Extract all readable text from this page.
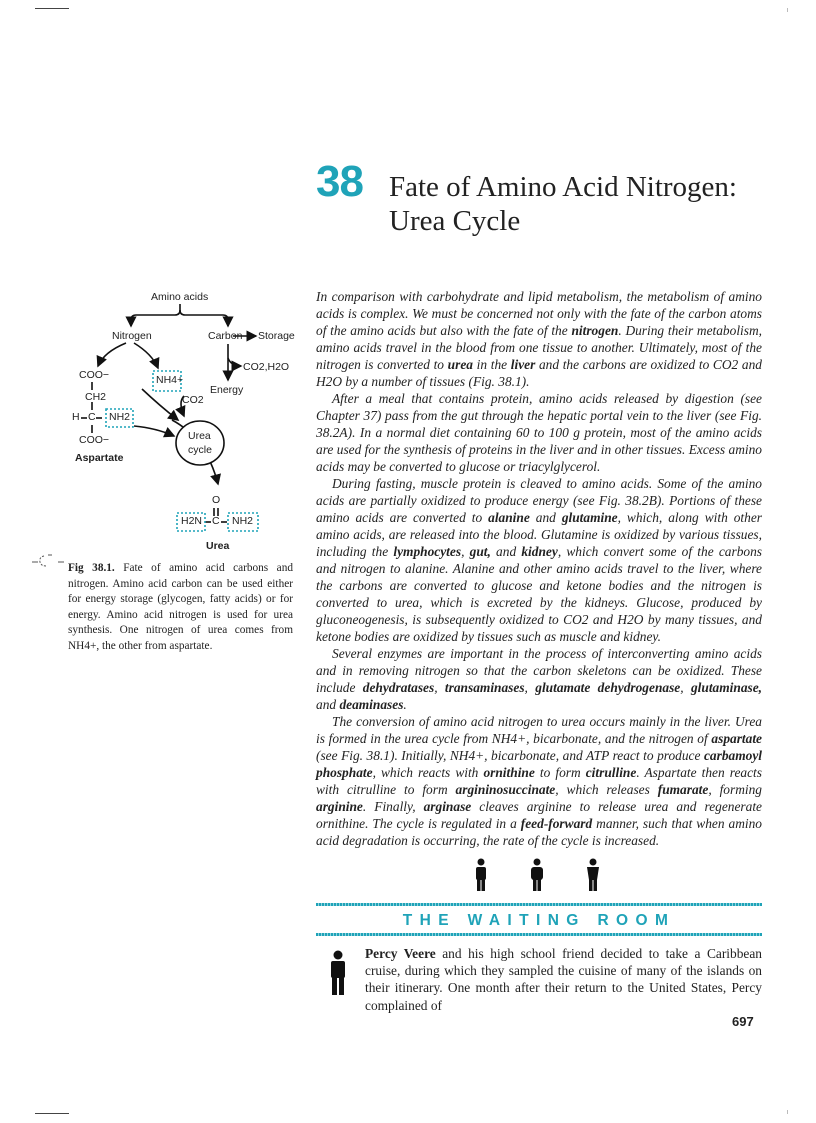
38 Fate of Amino Acid Nitrogen:
Urea Cycle
Amino acids
Nitrogen	Carbon Storage
CO2,H2O
Energy
NH4+
CO2
COO−
CH2
H C NH2
COO−
Aspartate
Urea
cycle
O
H2N C NH2
Urea
Fig 38.1. Fate of amino acid carbons and nitrogen. Amino acid carbon can be used either for energy storage (glycogen, fatty acids) or for energy. Amino acid nitrogen is used for urea synthesis. One nitrogen of urea comes from NH4+, the other from aspartate.

In comparison with carbohydrate and lipid metabolism, the metabolism of amino acids is complex. We must be concerned not only with the fate of the carbon atoms of the amino acids but also with the fate of the nitrogen. During their metabolism, amino acids travel in the blood from one tissue to another. Ultimately, most of the nitrogen is converted to urea in the liver and the carbons are oxidized to CO2 and H2O by a number of tissues (Fig. 38.1).

After a meal that contains protein, amino acids released by digestion (see Chapter 37) pass from the gut through the hepatic portal vein to the liver (see Fig. 38.2A). In a normal diet containing 60 to 100 g protein, most of the amino acids are used for the synthesis of proteins in the liver and in other tissues. Excess amino acids may be converted to glucose or triacylglycerol.

During fasting, muscle protein is cleaved to amino acids. Some of the amino acids are partially oxidized to produce energy (see Fig. 38.2B). Portions of these amino acids are converted to alanine and glutamine, which, along with other amino acids, are released into the blood. Glutamine is oxidized by various tissues, including the lymphocytes, gut, and kidney, which convert some of the carbons and nitrogen to alanine. Alanine and other amino acids travel to the liver, where the carbons are converted to glucose and ketone bodies and the nitrogen is converted to urea, which is excreted by the kidneys. Glucose, produced by gluconeogenesis, is subsequently oxidized to CO2 and H2O by many tissues, and ketone bodies are oxidized by tissues such as muscle and kidney.

Several enzymes are important in the process of interconverting amino acids and in removing nitrogen so that the carbon skeletons can be oxidized. These include dehydratases, transaminases, glutamate dehydrogenase, glutaminase, and deaminases.

The conversion of amino acid nitrogen to urea occurs mainly in the liver. Urea is formed in the urea cycle from NH4+, bicarbonate, and the nitrogen of aspartate (see Fig. 38.1). Initially, NH4+, bicarbonate, and ATP react to produce carbamoyl phosphate, which reacts with ornithine to form citrulline. Aspartate then reacts with citrulline to form argininosuccinate, which releases fumarate, forming arginine. Finally, arginase cleaves arginine to release urea and regenerate ornithine. The cycle is regulated in a feed-forward manner, such that when amino acid degradation is occurring, the rate of the cycle is increased.

THE WAITING ROOM
Percy Veere and his high school friend decided to take a Caribbean cruise, during which they sampled the cuisine of many of the islands on their itinerary. One month after their return to the United States, Percy complained of
697
